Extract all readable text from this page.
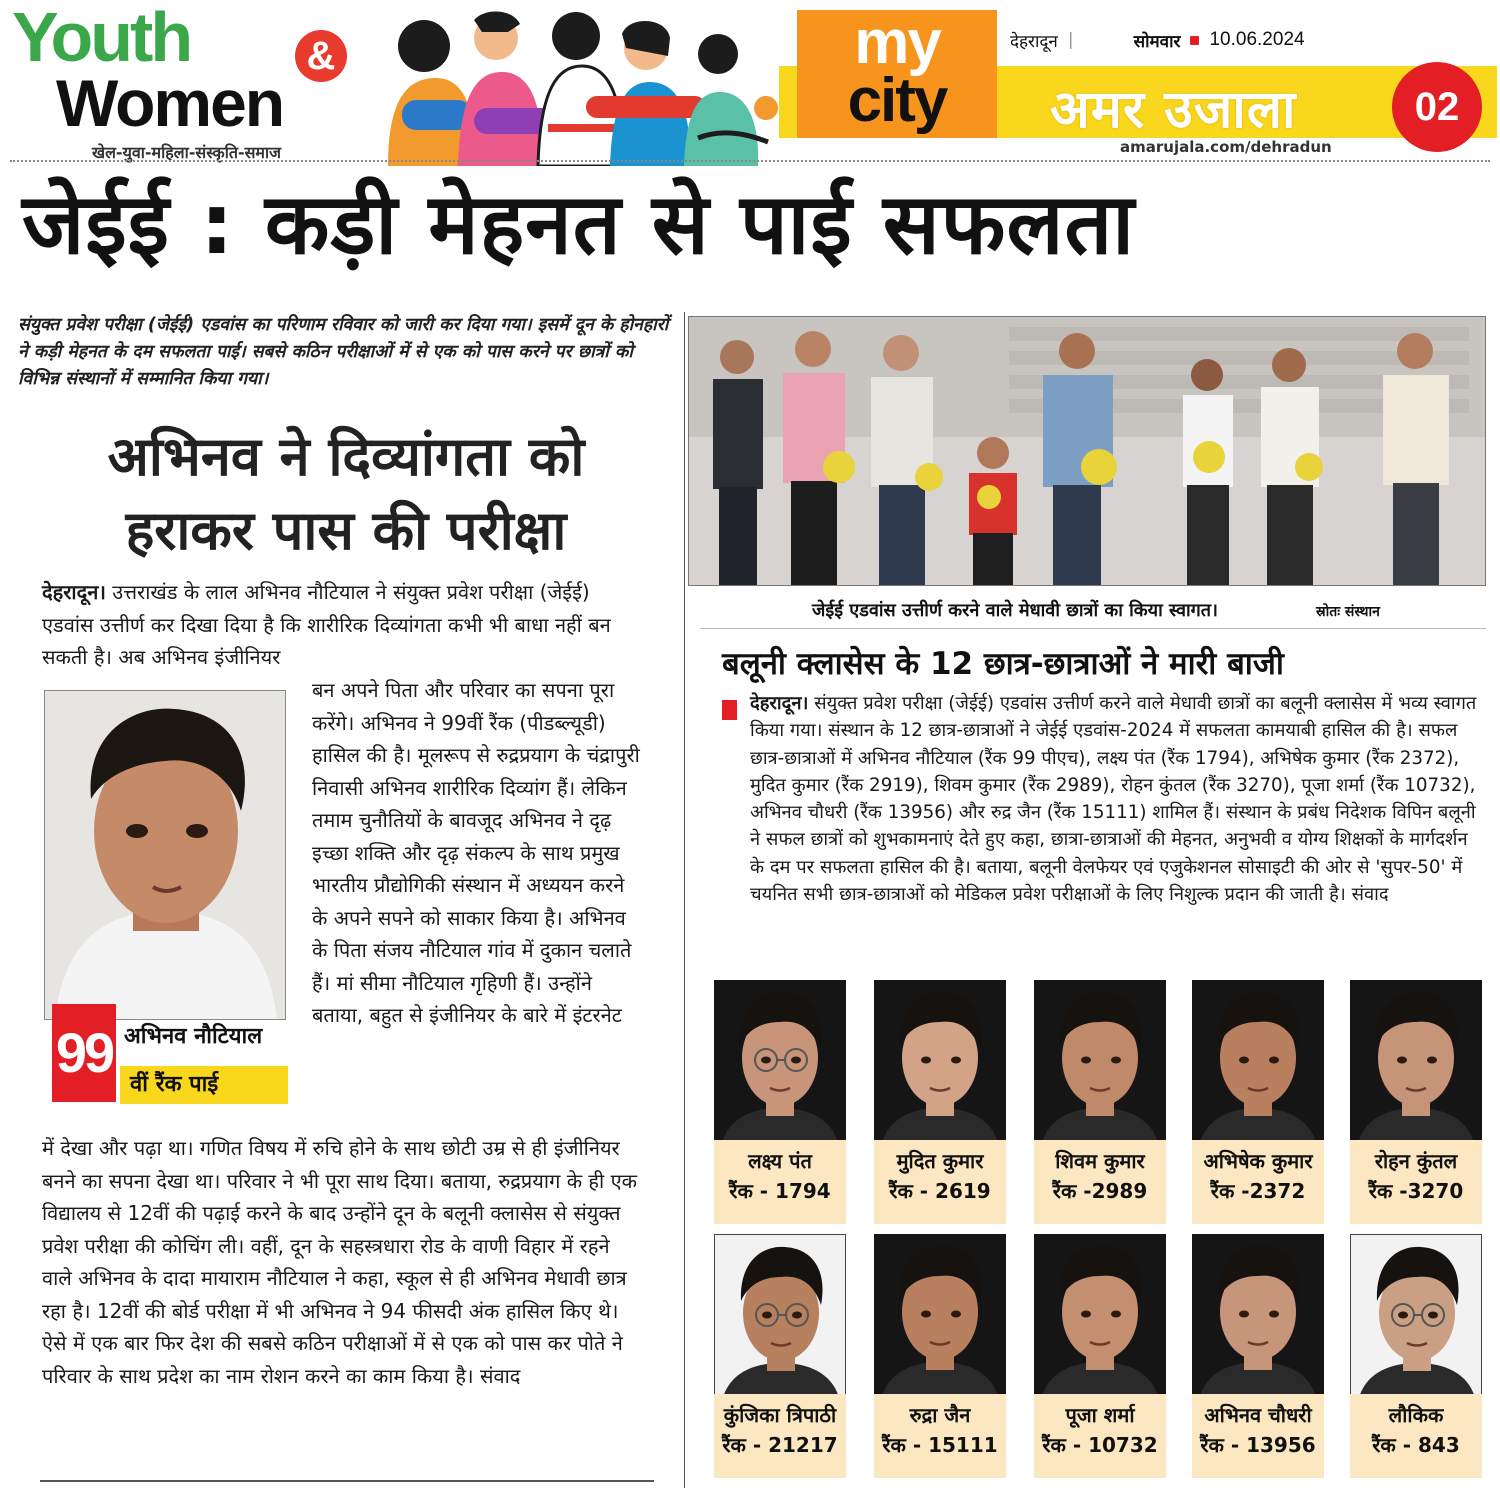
Youth	&
Women
खेल-युवा-महिला-संस्कृति-समाज
my
city
देहरादून |	सोमवार 10.06.2024
अमर उजाला	02
amarujala.com/dehradun
जेईई : कड़ी मेहनत से पाई सफलता

संयुक्त प्रवेश परीक्षा (जेईई) एडवांस का परिणाम रविवार को जारी कर दिया गया। इसमें दून के होनहारों ने कड़ी मेहनत के दम सफलता पाई। सबसे कठिन परीक्षाओं में से एक को पास करने पर छात्रों को विभिन्न संस्थानों में सम्मानित किया गया।

अभिनव ने दिव्यांगता को हराकर पास की परीक्षा

देहरादून। उत्तराखंड के लाल अभिनव नौटियाल ने संयुक्त प्रवेश परीक्षा (जेईई) एडवांस उत्तीर्ण कर दिखा दिया है कि शारीरिक दिव्यांगता कभी भी बाधा नहीं बन सकती है। अब अभिनव इंजीनियर

99 अभिनव नौटियाल
वीं रैंक पाई

बन अपने पिता और परिवार का सपना पूरा करेंगे। अभिनव ने 99वीं रैंक (पीडब्ल्यूडी) हासिल की है। मूलरूप से रुद्रप्रयाग के चंद्रापुरी निवासी अभिनव शारीरिक दिव्यांग हैं। लेकिन तमाम चुनौतियों के बावजूद अभिनव ने दृढ़ इच्छा शक्ति और दृढ़ संकल्प के साथ प्रमुख भारतीय प्रौद्योगिकी संस्थान में अध्ययन करने के अपने सपने को साकार किया है। अभिनव के पिता संजय नौटियाल गांव में दुकान चलाते हैं। मां सीमा नौटियाल गृहिणी हैं। उन्होंने बताया, बहुत से इंजीनियर के बारे में इंटरनेट

में देखा और पढ़ा था। गणित विषय में रुचि होने के साथ छोटी उम्र से ही इंजीनियर बनने का सपना देखा था। परिवार ने भी पूरा साथ दिया। बताया, रुद्रप्रयाग के ही एक विद्यालय से 12वीं की पढ़ाई करने के बाद उन्होंने दून के बलूनी क्लासेस से संयुक्त प्रवेश परीक्षा की कोचिंग ली। वहीं, दून के सहस्त्रधारा रोड के वाणी विहार में रहने वाले अभिनव के दादा मायाराम नौटियाल ने कहा, स्कूल से ही अभिनव मेधावी छात्र रहा है। 12वीं की बोर्ड परीक्षा में भी अभिनव ने 94 फीसदी अंक हासिल किए थे। ऐसे में एक बार फिर देश की सबसे कठिन परीक्षाओं में से एक को पास कर पोते ने परिवार के साथ प्रदेश का नाम रोशन करने का काम किया है। संवाद

जेईई एडवांस उत्तीर्ण करने वाले मेधावी छात्रों का किया स्वागत।	स्रोतः संस्थान
बलूनी क्लासेस के 12 छात्र-छात्राओं ने मारी बाजी

देहरादून। संयुक्त प्रवेश परीक्षा (जेईई) एडवांस उत्तीर्ण करने वाले मेधावी छात्रों का बलूनी क्लासेस में भव्य स्वागत किया गया। संस्थान के 12 छात्र-छात्राओं ने जेईई एडवांस-2024 में सफलता कामयाबी हासिल की है। सफल छात्र-छात्राओं में अभिनव नौटियाल (रैंक 99 पीएच), लक्ष्य पंत (रैंक 1794), अभिषेक कुमार (रैंक 2372), मुदित कुमार (रैंक 2919), शिवम कुमार (रैंक 2989), रोहन कुंतल (रैंक 3270), पूजा शर्मा (रैंक 10732), अभिनव चौधरी (रैंक 13956) और रुद्र जैन (रैंक 15111) शामिल हैं। संस्थान के प्रबंध निदेशक विपिन बलूनी ने सफल छात्रों को शुभकामनाएं देते हुए कहा, छात्रा-छात्राओं की मेहनत, अनुभवी व योग्य शिक्षकों के मार्गदर्शन के दम पर सफलता हासिल की है। बताया, बलूनी वेलफेयर एवं एजुकेशनल सोसाइटी की ओर से 'सुपर-50' में चयनित सभी छात्र-छात्राओं को मेडिकल प्रवेश परीक्षाओं के लिए निशुल्क प्रदान की जाती है। संवाद

लक्ष्य पंत
रैंक - 1794
मुदित कुमार
रैंक - 2619
शिवम कुमार
रैंक -2989
अभिषेक कुमार
रैंक -2372
रोहन कुंतल
रैंक -3270
कुंजिका त्रिपाठी
रैंक - 21217
रुद्रा जैन
रैंक - 15111
पूजा शर्मा
रैंक - 10732
अभिनव चौधरी
रैंक - 13956
लौकिक
रैंक - 843
